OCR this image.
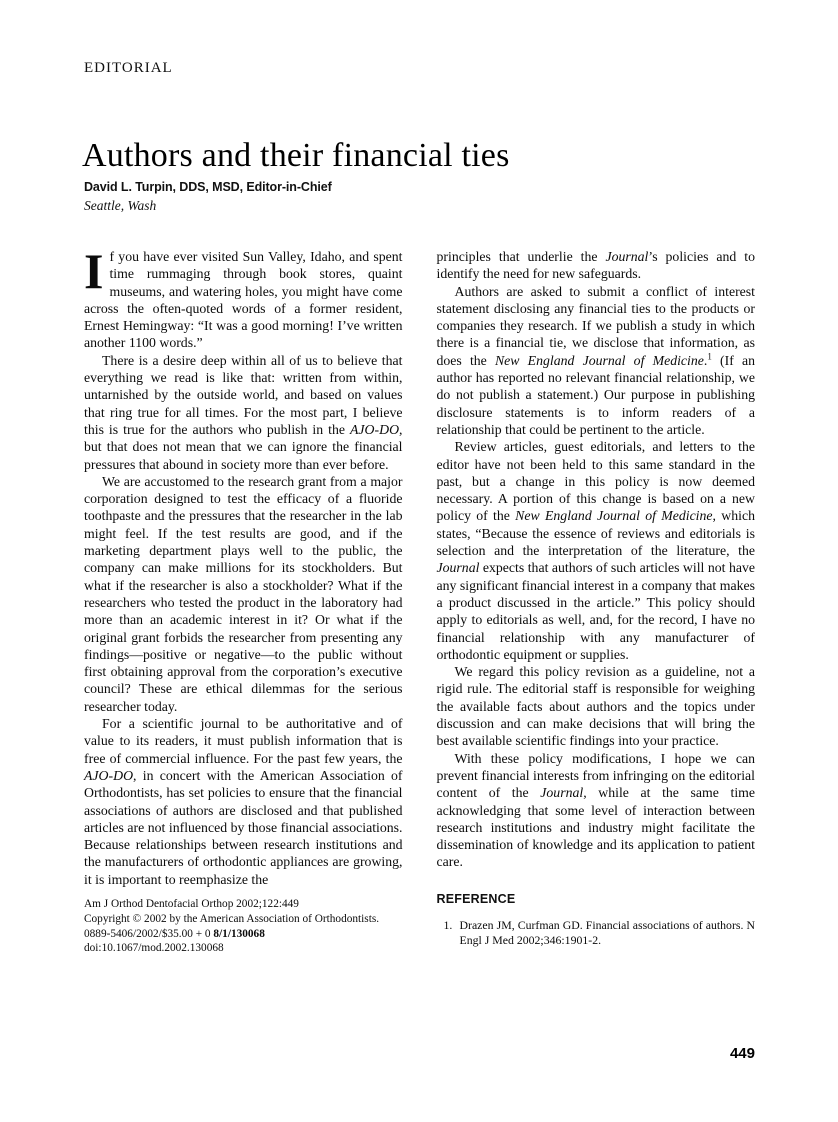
EDITORIAL
Authors and their financial ties
David L. Turpin, DDS, MSD, Editor-in-Chief
Seattle, Wash

If you have ever visited Sun Valley, Idaho, and spent time rummaging through book stores, quaint museums, and watering holes, you might have come across the often-quoted words of a former resident, Ernest Hemingway: “It was a good morning! I’ve written another 1100 words.”

There is a desire deep within all of us to believe that everything we read is like that: written from within, untarnished by the outside world, and based on values that ring true for all times. For the most part, I believe this is true for the authors who publish in the AJO-DO, but that does not mean that we can ignore the financial pressures that abound in society more than ever before.

We are accustomed to the research grant from a major corporation designed to test the efficacy of a fluoride toothpaste and the pressures that the researcher in the lab might feel. If the test results are good, and if the marketing department plays well to the public, the company can make millions for its stockholders. But what if the researcher is also a stockholder? What if the researchers who tested the product in the laboratory had more than an academic interest in it? Or what if the original grant forbids the researcher from presenting any findings—positive or negative—to the public without first obtaining approval from the corporation’s executive council? These are ethical dilemmas for the serious researcher today.

For a scientific journal to be authoritative and of value to its readers, it must publish information that is free of commercial influence. For the past few years, the AJO-DO, in concert with the American Association of Orthodontists, has set policies to ensure that the financial associations of authors are disclosed and that published articles are not influenced by those financial associations. Because relationships between research institutions and the manufacturers of orthodontic appliances are growing, it is important to reemphasize the

Am J Orthod Dentofacial Orthop 2002;122:449
Copyright © 2002 by the American Association of Orthodontists.
0889-5406/2002/$35.00 + 0 8/1/130068
doi:10.1067/mod.2002.130068

principles that underlie the Journal’s policies and to identify the need for new safeguards.

Authors are asked to submit a conflict of interest statement disclosing any financial ties to the products or companies they research. If we publish a study in which there is a financial tie, we disclose that information, as does the New England Journal of Medicine.$^1$ (If an author has reported no relevant financial relationship, we do not publish a statement.) Our purpose in publishing disclosure statements is to inform readers of a relationship that could be pertinent to the article.

Review articles, guest editorials, and letters to the editor have not been held to this same standard in the past, but a change in this policy is now deemed necessary. A portion of this change is based on a new policy of the New England Journal of Medicine, which states, “Because the essence of reviews and editorials is selection and the interpretation of the literature, the Journal expects that authors of such articles will not have any significant financial interest in a company that makes a product discussed in the article.” This policy should apply to editorials as well, and, for the record, I have no financial relationship with any manufacturer of orthodontic equipment or supplies.

We regard this policy revision as a guideline, not a rigid rule. The editorial staff is responsible for weighing the available facts about authors and the topics under discussion and can make decisions that will bring the best available scientific findings into your practice.

With these policy modifications, I hope we can prevent financial interests from infringing on the editorial content of the Journal, while at the same time acknowledging that some level of interaction between research institutions and industry might facilitate the dissemination of knowledge and its application to patient care.

REFERENCE
1. Drazen JM, Curfman GD. Financial associations of authors. N Engl J Med 2002;346:1901-2.
449
